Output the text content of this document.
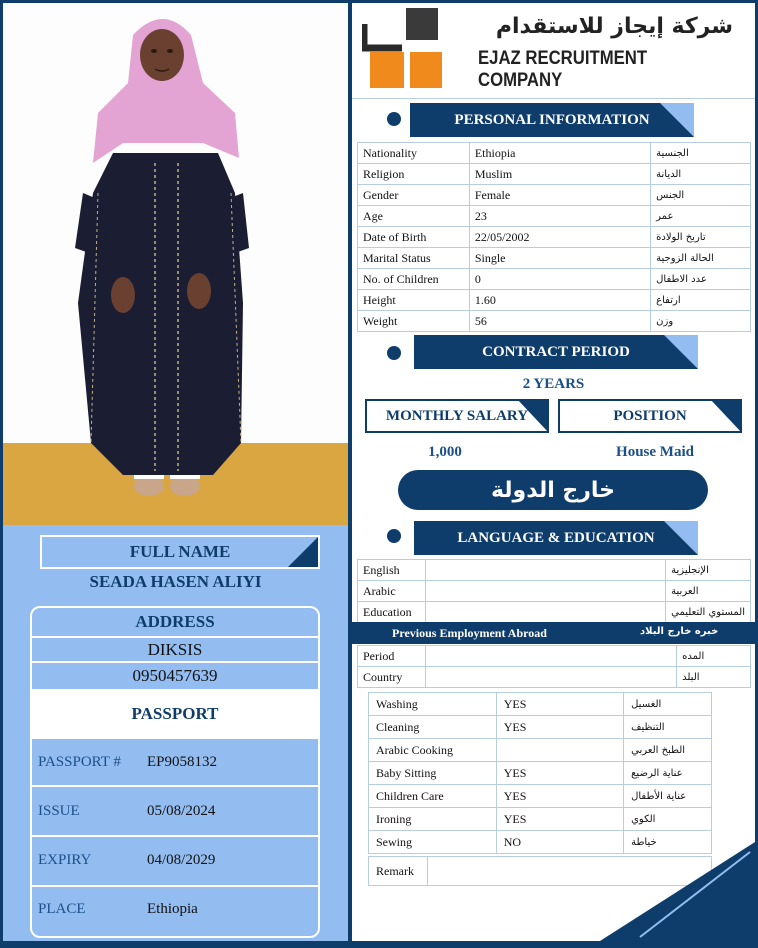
FULL NAME
SEADA HASEN ALIYI
ADDRESS
DIKSIS
0950457639
PASSPORT
PASSPORT # EP9058132
ISSUE	05/08/2024
EXPIRY	04/08/2029
PLACE	Ethiopia
شركة إيجاز للاستقدام
EJAZ RECRUITMENT COMPANY
PERSONAL INFORMATION
Nationality	Ethiopia	الجنسية
Religion	Muslim	الديانة
Gender	Female	الجنس
Age	23	عمر
Date of Birth	22/05/2002	تاريخ الولادة
Marital Status	Single	الحالة الزوجية
No. of Children	0	عدد الاطفال
Height	1.60	ارتفاع
Weight	56	وزن
CONTRACT PERIOD
2 YEARS
MONTHLY SALARY	POSITION
1,000	House Maid
خارج الدولة
LANGUAGE & EDUCATION
English		الإنجليزية
Arabic		العربية
Education		المستوي التعليمي
Previous Employment Abroad	خبره خارج البلاد
Period		المده
Country		البلد
Washing	YES	الغسيل
Cleaning	YES	التنظيف
Arabic Cooking		الطبخ العربي
Baby Sitting	YES	عناية الرضيع
Children Care	YES	عناية الأطفال
Ironing	YES	الكوي
Sewing	NO	خياطة
Remark
